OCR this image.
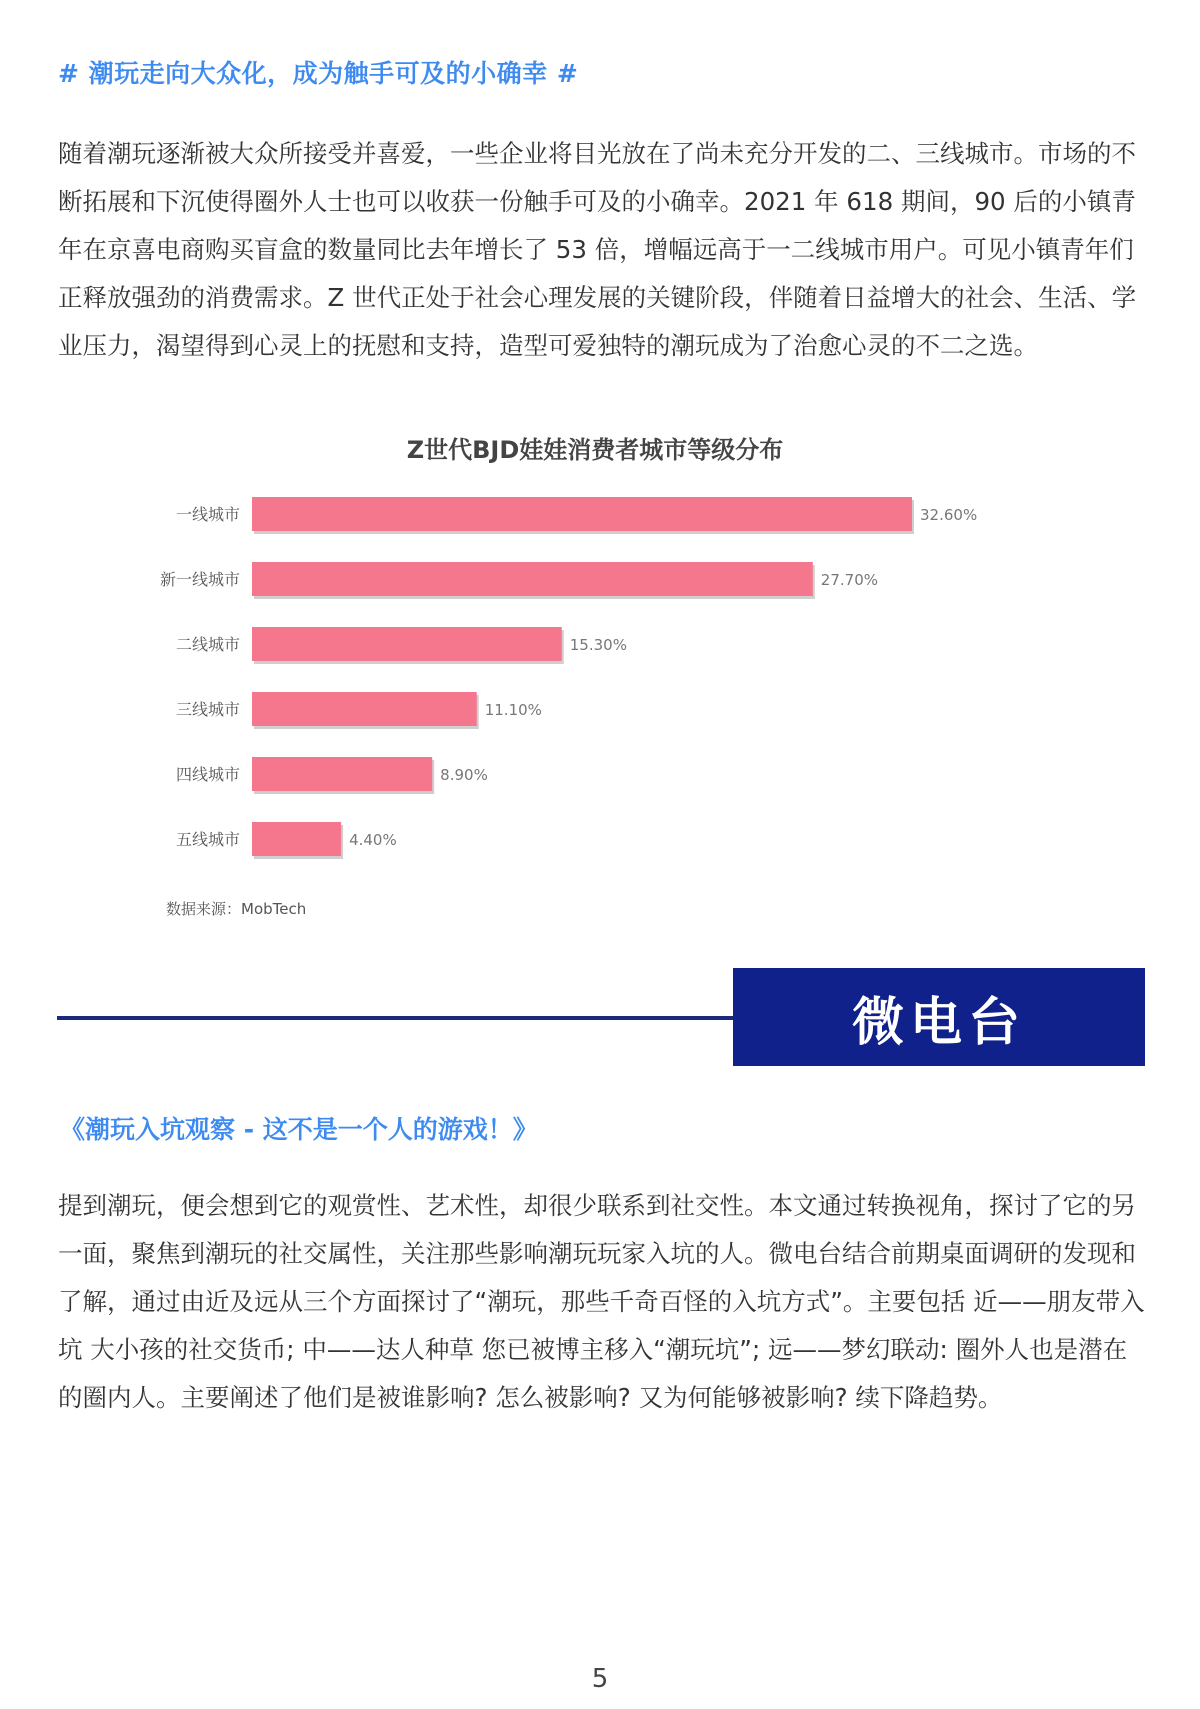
# 潮玩走向大众化，成为触手可及的小确幸 #
随着潮玩逐渐被大众所接受并喜爱，一些企业将目光放在了尚未充分开发的二、三线城市。市场的不断拓展和下沉使得圈外人士也可以收获一份触手可及的小确幸。2021 年 618 期间，90 后的小镇青年在京喜电商购买盲盒的数量同比去年增长了 53 倍，增幅远高于一二线城市用户。可见小镇青年们正释放强劲的消费需求。Z 世代正处于社会心理发展的关键阶段，伴随着日益增大的社会、生活、学业压力，渴望得到心灵上的抚慰和支持，造型可爱独特的潮玩成为了治愈心灵的不二之选。
Z世代BJD娃娃消费者城市等级分布
一线城市	32.60%
新一线城市	27.70%
二线城市	15.30%
三线城市	11.10%
四线城市	8.90%
五线城市	4.40%
数据来源：MobTech
微电台
《潮玩入坑观察 - 这不是一个人的游戏！》
提到潮玩，便会想到它的观赏性、艺术性，却很少联系到社交性。本文通过转换视角，探讨了它的另一面，聚焦到潮玩的社交属性，关注那些影响潮玩玩家入坑的人。微电台结合前期桌面调研的发现和了解，通过由近及远从三个方面探讨了“潮玩，那些千奇百怪的入坑方式”。主要包括 近——朋友带入坑 大小孩的社交货币; 中——达人种草 您已被博主移入“潮玩坑”; 远——梦幻联动: 圈外人也是潜在的圈内人。主要阐述了他们是被谁影响? 怎么被影响? 又为何能够被影响? 续下降趋势。
5
